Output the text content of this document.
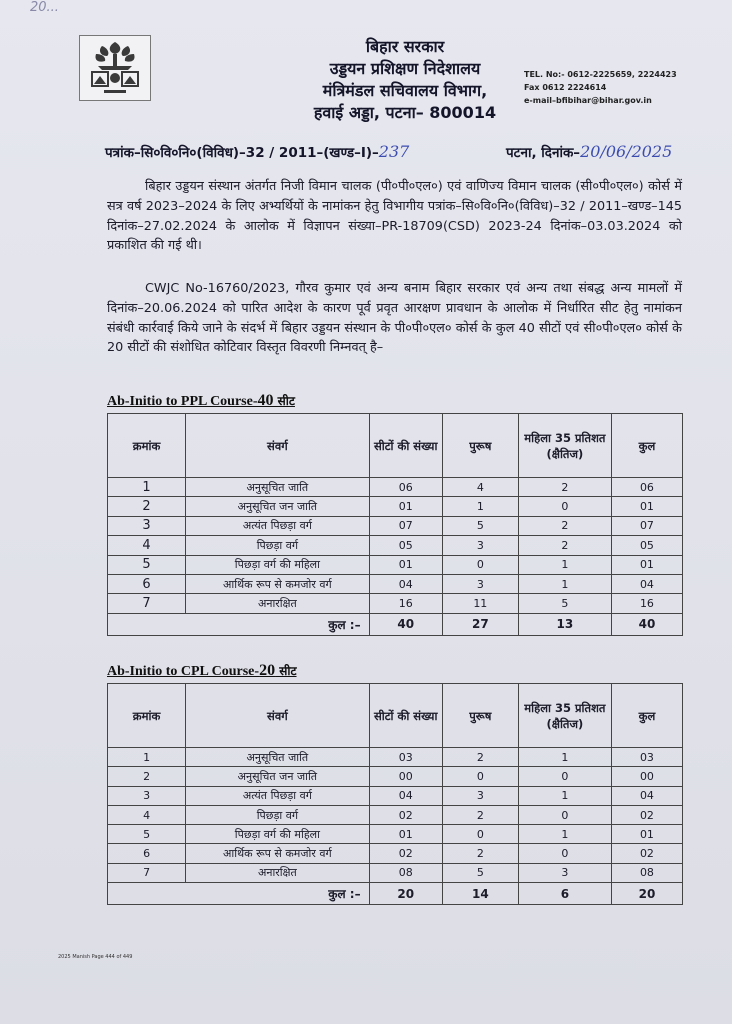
20...
बिहार सरकार
उड्डयन प्रशिक्षण निदेशालय
मंत्रिमंडल सचिवालय विभाग,
हवाई अड्डा, पटना– 800014
TEL. No:- 0612-2225659, 2224423
Fax 0612 2224614
e-mail–bfibihar@bihar.gov.in
पत्रांक–सि०वि०नि०(विविध)–32 / 2011–(खण्ड–I)–237	पटना, दिनांक–20/06/2025
बिहार उड्डयन संस्थान अंतर्गत निजी विमान चालक (पी०पी०एल०) एवं वाणिज्य विमान चालक (सी०पी०एल०) कोर्स में सत्र वर्ष 2023–2024 के लिए अभ्यर्थियों के नामांकन हेतु विभागीय पत्रांक–सि०वि०नि०(विविध)–32 / 2011–खण्ड–145 दिनांक–27.02.2024 के आलोक में विज्ञापन संख्या–PR-18709(CSD) 2023-24 दिनांक–03.03.2024 को प्रकाशित की गई थी।
CWJC No-16760/2023, गौरव कुमार एवं अन्य बनाम बिहार सरकार एवं अन्य तथा संबद्ध अन्य मामलों में दिनांक–20.06.2024 को पारित आदेश के कारण पूर्व प्रवृत आरक्षण प्रावधान के आलोक में निर्धारित सीट हेतु नामांकन संबंधी कार्रवाई किये जाने के संदर्भ में बिहार उड्डयन संस्थान के पी०पी०एल० कोर्स के कुल 40 सीटों एवं सी०पी०एल० कोर्स के 20 सीटों की संशोधित कोटिवार विस्तृत विवरणी निम्नवत् है–
Ab-Initio to PPL Course-40 सीट
क्रमांक	संवर्ग	सीटों की संख्या	पुरूष	महिला 35 प्रतिशत (क्षैतिज)	कुल
1	अनुसूचित जाति	06	4	2	06
2	अनुसूचित जन जाति	01	1	0	01
3	अत्यंत पिछड़ा वर्ग	07	5	2	07
4	पिछड़ा वर्ग	05	3	2	05
5	पिछड़ा वर्ग की महिला	01	0	1	01
6	आर्थिक रूप से कमजोर वर्ग	04	3	1	04
7	अनारक्षित	16	11	5	16
कुल :–		40	27	13	40
Ab-Initio to CPL Course-20 सीट
क्रमांक	संवर्ग	सीटों की संख्या	पुरूष	महिला 35 प्रतिशत (क्षैतिज)	कुल
1	अनुसूचित जाति	03	2	1	03
2	अनुसूचित जन जाति	00	0	0	00
3	अत्यंत पिछड़ा वर्ग	04	3	1	04
4	पिछड़ा वर्ग	02	2	0	02
5	पिछड़ा वर्ग की महिला	01	0	1	01
6	आर्थिक रूप से कमजोर वर्ग	02	2	0	02
7	अनारक्षित	08	5	3	08
कुल :–		20	14	6	20
2025 Manish Page 444 of 449
